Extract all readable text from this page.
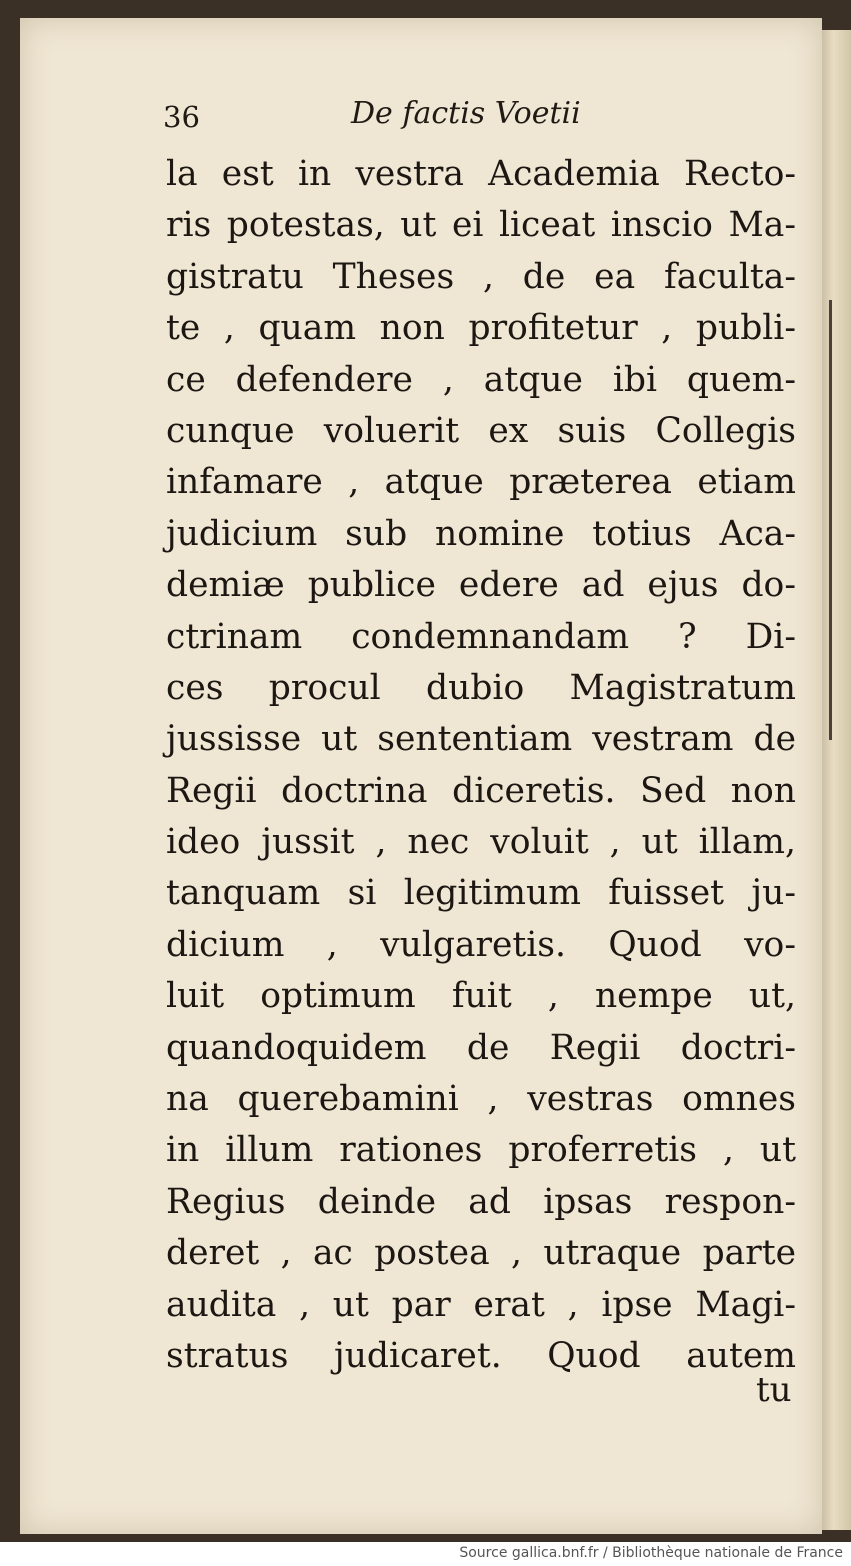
36	De factis Voetii
la est in vestra Academia Recto-
ris potestas, ut ei liceat inscio Ma-
gistratu Theses , de ea faculta-
te , quam non profitetur , publi-
ce defendere , atque ibi quem-
cunque voluerit ex suis Collegis
infamare , atque præterea etiam
judicium sub nomine totius Aca-
demiæ publice edere ad ejus do-
ctrinam condemnandam ? Di-
ces procul dubio Magistratum
jussisse ut sententiam vestram de
Regii doctrina diceretis. Sed non
ideo jussit , nec voluit , ut illam,
tanquam si legitimum fuisset ju-
dicium , vulgaretis. Quod vo-
luit optimum fuit , nempe ut,
quandoquidem de Regii doctri-
na querebamini , vestras omnes
in illum rationes proferretis , ut
Regius deinde ad ipsas respon-
deret , ac postea , utraque parte
audita , ut par erat , ipse Magi-
stratus judicaret. Quod autem
tu
Source gallica.bnf.fr / Bibliothèque nationale de France
